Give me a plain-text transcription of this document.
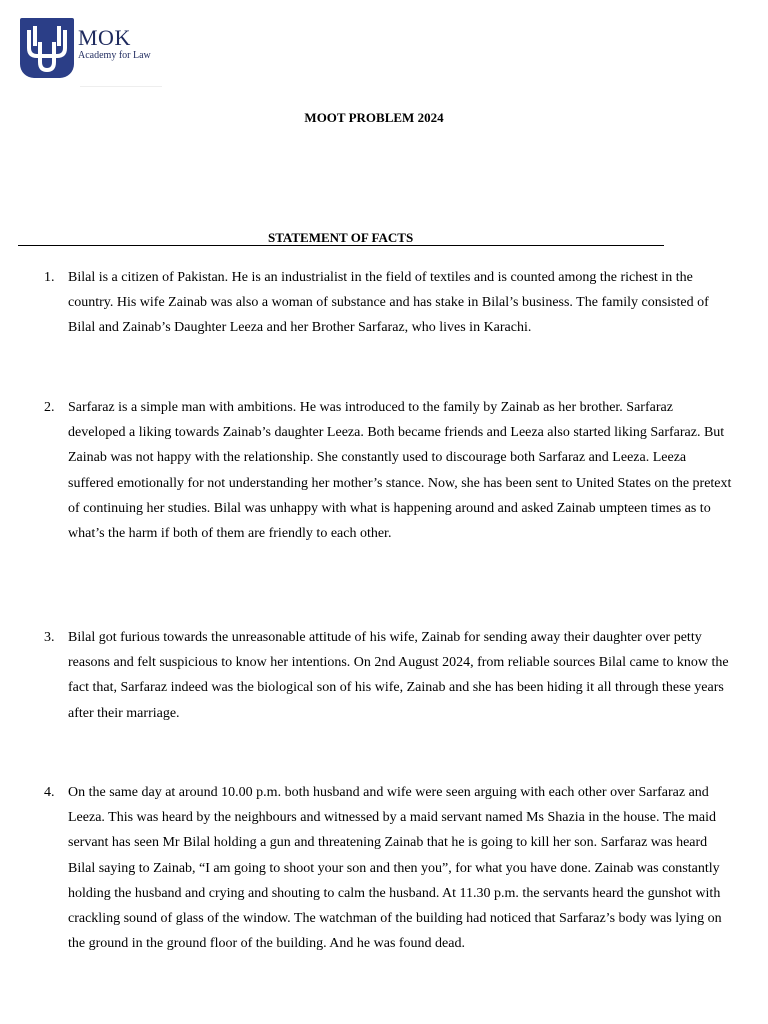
MOK
Academy for Law
MOOT PROBLEM 2024
STATEMENT OF FACTS
1. Bilal is a citizen of Pakistan. He is an industrialist in the field of textiles and is counted among the richest in the country. His wife Zainab was also a woman of substance and has stake in Bilal’s business. The family consisted of Bilal and Zainab’s Daughter Leeza and her Brother Sarfaraz, who lives in Karachi.
2. Sarfaraz is a simple man with ambitions. He was introduced to the family by Zainab as her brother. Sarfaraz developed a liking towards Zainab’s daughter Leeza. Both became friends and Leeza also started liking Sarfaraz. But Zainab was not happy with the relationship. She constantly used to discourage both Sarfaraz and Leeza. Leeza suffered emotionally for not understanding her mother’s stance. Now, she has been sent to United States on the pretext of continuing her studies. Bilal was unhappy with what is happening around and asked Zainab umpteen times as to what’s the harm if both of them are friendly to each other.
3. Bilal got furious towards the unreasonable attitude of his wife, Zainab for sending away their daughter over petty reasons and felt suspicious to know her intentions. On 2nd August 2024, from reliable sources Bilal came to know the fact that, Sarfaraz indeed was the biological son of his wife, Zainab and she has been hiding it all through these years after their marriage.
4. On the same day at around 10.00 p.m. both husband and wife were seen arguing with each other over Sarfaraz and Leeza. This was heard by the neighbours and witnessed by a maid servant named Ms Shazia in the house. The maid servant has seen Mr Bilal holding a gun and threatening Zainab that he is going to kill her son. Sarfaraz was heard Bilal saying to Zainab, “I am going to shoot your son and then you”, for what you have done. Zainab was constantly holding the husband and crying and shouting to calm the husband. At 11.30 p.m. the servants heard the gunshot with crackling sound of glass of the window. The watchman of the building had noticed that Sarfaraz’s body was lying on the ground in the ground floor of the building. And he was found dead.
